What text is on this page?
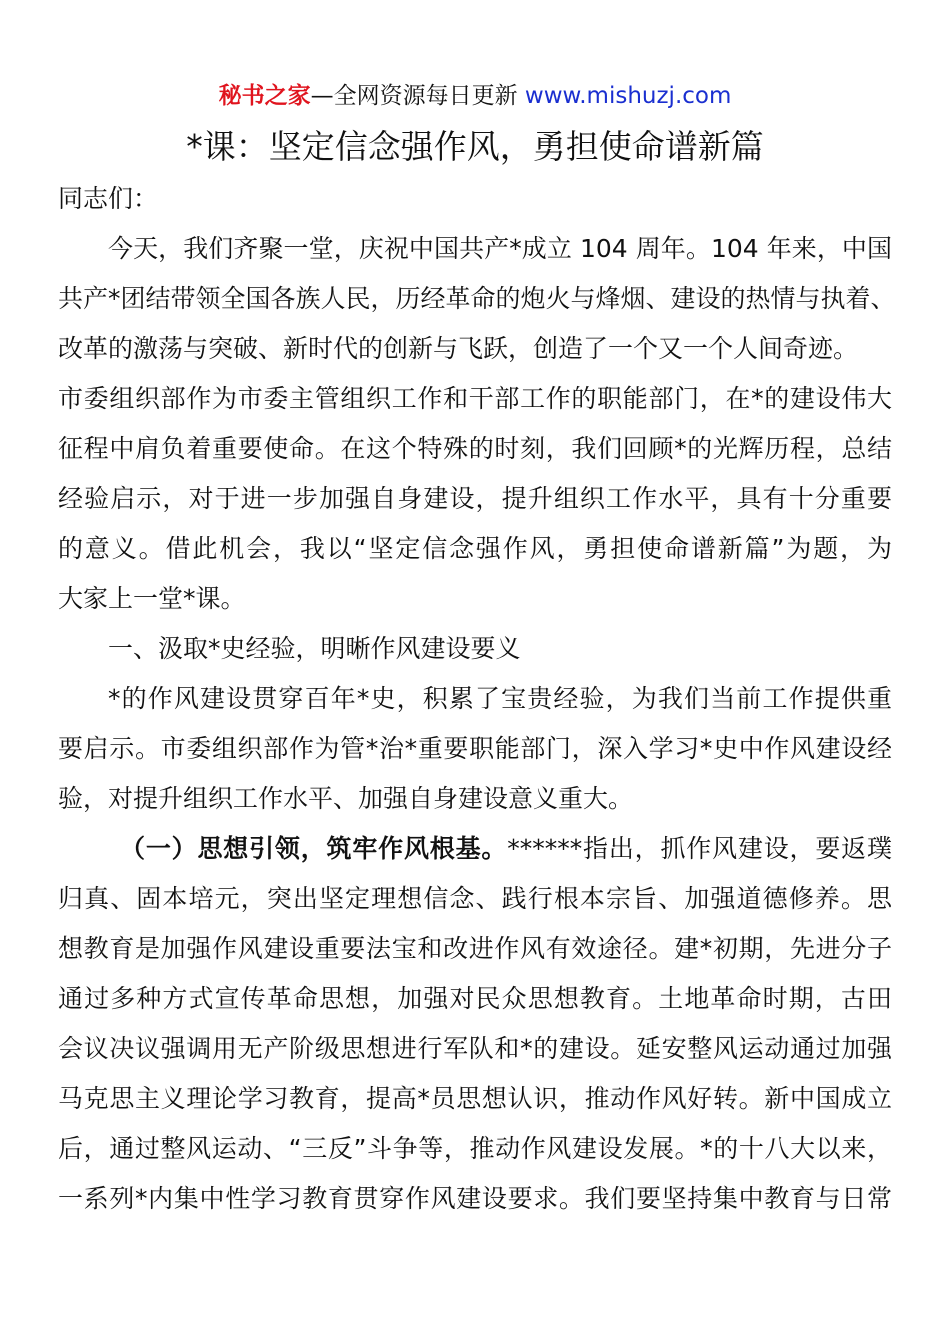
秘书之家—全网资源每日更新 www.mishuzj.com
*课：坚定信念强作风，勇担使命谱新篇
同志们：
今天，我们齐聚一堂，庆祝中国共产*成立 104 周年。104 年来，中国
共产*团结带领全国各族人民，历经革命的炮火与烽烟、建设的热情与执着、
改革的激荡与突破、新时代的创新与飞跃，创造了一个又一个人间奇迹。
市委组织部作为市委主管组织工作和干部工作的职能部门，在*的建设伟大
征程中肩负着重要使命。在这个特殊的时刻，我们回顾*的光辉历程，总结
经验启示，对于进一步加强自身建设，提升组织工作水平，具有十分重要
的意义。借此机会，我以“坚定信念强作风，勇担使命谱新篇”为题，为
大家上一堂*课。
一、汲取*史经验，明晰作风建设要义
*的作风建设贯穿百年*史，积累了宝贵经验，为我们当前工作提供重
要启示。市委组织部作为管*治*重要职能部门，深入学习*史中作风建设经
验，对提升组织工作水平、加强自身建设意义重大。
（一）思想引领，筑牢作风根基。******指出，抓作风建设，要返璞
归真、固本培元，突出坚定理想信念、践行根本宗旨、加强道德修养。思
想教育是加强作风建设重要法宝和改进作风有效途径。建*初期，先进分子
通过多种方式宣传革命思想，加强对民众思想教育。土地革命时期，古田
会议决议强调用无产阶级思想进行军队和*的建设。延安整风运动通过加强
马克思主义理论学习教育，提高*员思想认识，推动作风好转。新中国成立
后，通过整风运动、“三反”斗争等，推动作风建设发展。*的十八大以来，
一系列*内集中性学习教育贯穿作风建设要求。我们要坚持集中教育与日常
